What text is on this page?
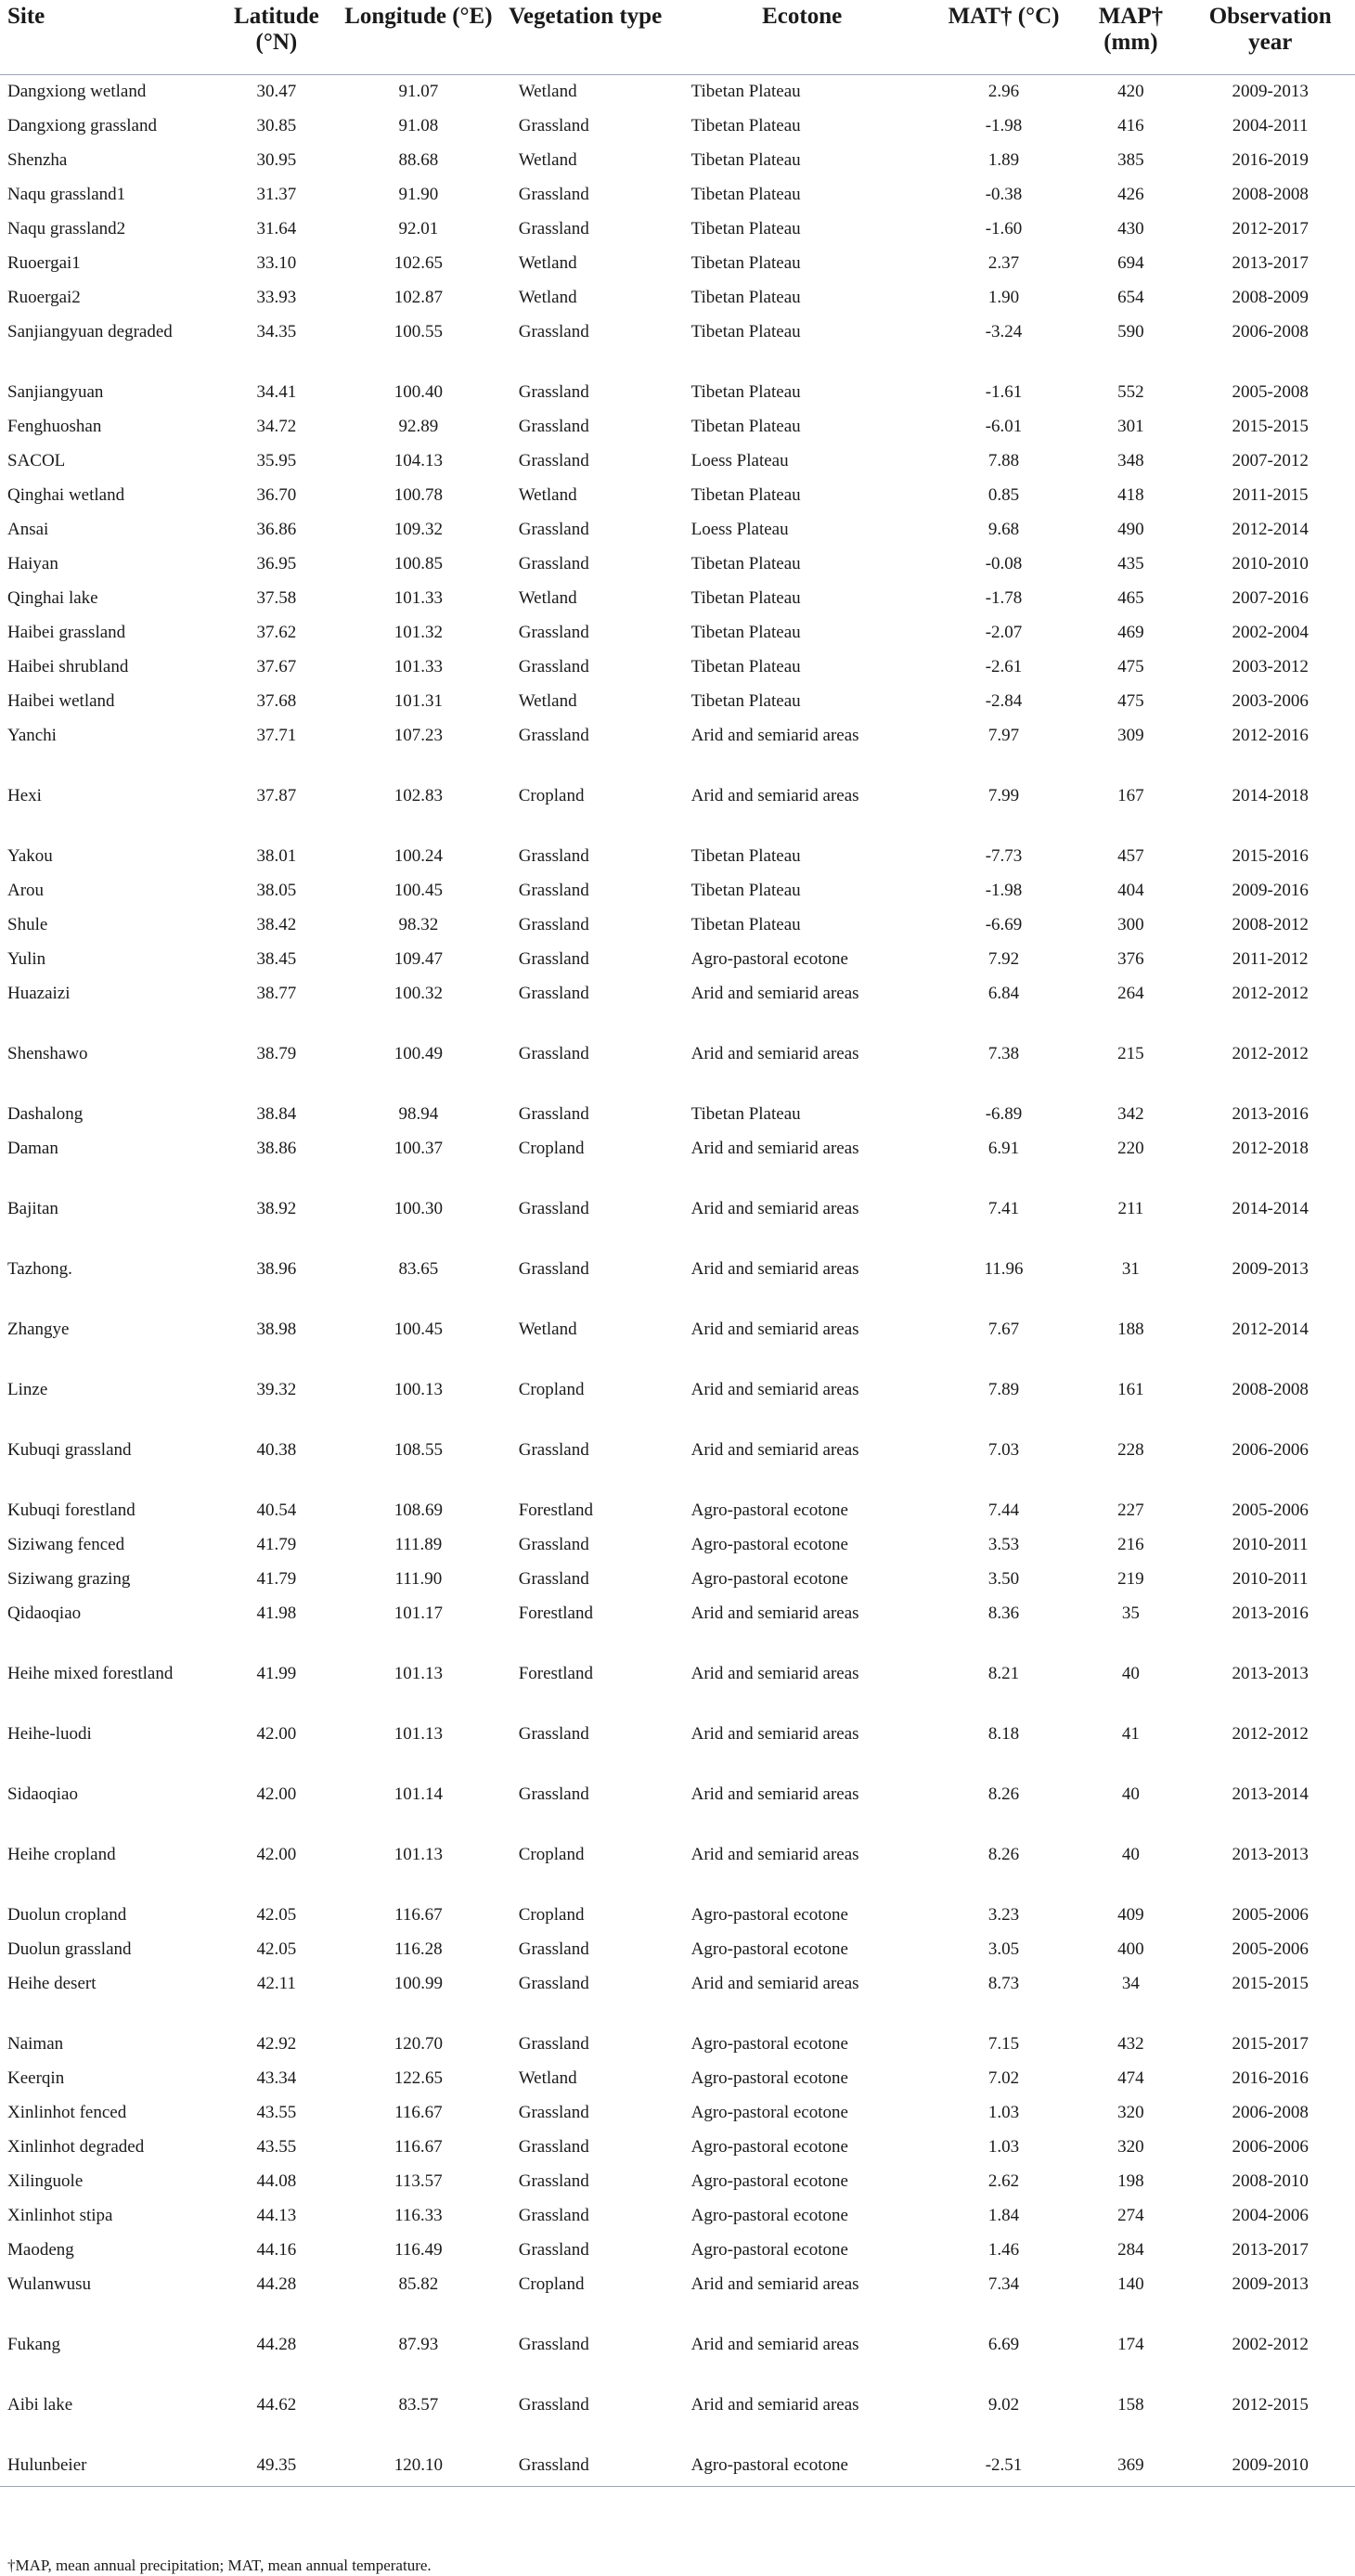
Site	Latitude (°N)	Longitude (°E)	Vegetation type	Ecotone	MAT† (°C)	MAP† (mm)	Observation year
Dangxiong wetland	30.47	91.07	Wetland	Tibetan Plateau	2.96	420	2009-2013
Dangxiong grassland	30.85	91.08	Grassland	Tibetan Plateau	-1.98	416	2004-2011
Shenzha	30.95	88.68	Wetland	Tibetan Plateau	1.89	385	2016-2019
Naqu grassland1	31.37	91.90	Grassland	Tibetan Plateau	-0.38	426	2008-2008
Naqu grassland2	31.64	92.01	Grassland	Tibetan Plateau	-1.60	430	2012-2017
Ruoergai1	33.10	102.65	Wetland	Tibetan Plateau	2.37	694	2013-2017
Ruoergai2	33.93	102.87	Wetland	Tibetan Plateau	1.90	654	2008-2009
Sanjiangyuan degraded	34.35	100.55	Grassland	Tibetan Plateau	-3.24	590	2006-2008
Sanjiangyuan	34.41	100.40	Grassland	Tibetan Plateau	-1.61	552	2005-2008
Fenghuoshan	34.72	92.89	Grassland	Tibetan Plateau	-6.01	301	2015-2015
SACOL	35.95	104.13	Grassland	Loess Plateau	7.88	348	2007-2012
Qinghai wetland	36.70	100.78	Wetland	Tibetan Plateau	0.85	418	2011-2015
Ansai	36.86	109.32	Grassland	Loess Plateau	9.68	490	2012-2014
Haiyan	36.95	100.85	Grassland	Tibetan Plateau	-0.08	435	2010-2010
Qinghai lake	37.58	101.33	Wetland	Tibetan Plateau	-1.78	465	2007-2016
Haibei grassland	37.62	101.32	Grassland	Tibetan Plateau	-2.07	469	2002-2004
Haibei shrubland	37.67	101.33	Grassland	Tibetan Plateau	-2.61	475	2003-2012
Haibei wetland	37.68	101.31	Wetland	Tibetan Plateau	-2.84	475	2003-2006
Yanchi	37.71	107.23	Grassland	Arid and semiarid areas	7.97	309	2012-2016
Hexi	37.87	102.83	Cropland	Arid and semiarid areas	7.99	167	2014-2018
Yakou	38.01	100.24	Grassland	Tibetan Plateau	-7.73	457	2015-2016
Arou	38.05	100.45	Grassland	Tibetan Plateau	-1.98	404	2009-2016
Shule	38.42	98.32	Grassland	Tibetan Plateau	-6.69	300	2008-2012
Yulin	38.45	109.47	Grassland	Agro-pastoral ecotone	7.92	376	2011-2012
Huazaizi	38.77	100.32	Grassland	Arid and semiarid areas	6.84	264	2012-2012
Shenshawo	38.79	100.49	Grassland	Arid and semiarid areas	7.38	215	2012-2012
Dashalong	38.84	98.94	Grassland	Tibetan Plateau	-6.89	342	2013-2016
Daman	38.86	100.37	Cropland	Arid and semiarid areas	6.91	220	2012-2018
Bajitan	38.92	100.30	Grassland	Arid and semiarid areas	7.41	211	2014-2014
Tazhong.	38.96	83.65	Grassland	Arid and semiarid areas	11.96	31	2009-2013
Zhangye	38.98	100.45	Wetland	Arid and semiarid areas	7.67	188	2012-2014
Linze	39.32	100.13	Cropland	Arid and semiarid areas	7.89	161	2008-2008
Kubuqi grassland	40.38	108.55	Grassland	Arid and semiarid areas	7.03	228	2006-2006
Kubuqi forestland	40.54	108.69	Forestland	Agro-pastoral ecotone	7.44	227	2005-2006
Siziwang fenced	41.79	111.89	Grassland	Agro-pastoral ecotone	3.53	216	2010-2011
Siziwang grazing	41.79	111.90	Grassland	Agro-pastoral ecotone	3.50	219	2010-2011
Qidaoqiao	41.98	101.17	Forestland	Arid and semiarid areas	8.36	35	2013-2016
Heihe mixed forestland	41.99	101.13	Forestland	Arid and semiarid areas	8.21	40	2013-2013
Heihe-luodi	42.00	101.13	Grassland	Arid and semiarid areas	8.18	41	2012-2012
Sidaoqiao	42.00	101.14	Grassland	Arid and semiarid areas	8.26	40	2013-2014
Heihe cropland	42.00	101.13	Cropland	Arid and semiarid areas	8.26	40	2013-2013
Duolun cropland	42.05	116.67	Cropland	Agro-pastoral ecotone	3.23	409	2005-2006
Duolun grassland	42.05	116.28	Grassland	Agro-pastoral ecotone	3.05	400	2005-2006
Heihe desert	42.11	100.99	Grassland	Arid and semiarid areas	8.73	34	2015-2015
Naiman	42.92	120.70	Grassland	Agro-pastoral ecotone	7.15	432	2015-2017
Keerqin	43.34	122.65	Wetland	Agro-pastoral ecotone	7.02	474	2016-2016
Xinlinhot fenced	43.55	116.67	Grassland	Agro-pastoral ecotone	1.03	320	2006-2008
Xinlinhot degraded	43.55	116.67	Grassland	Agro-pastoral ecotone	1.03	320	2006-2006
Xilinguole	44.08	113.57	Grassland	Agro-pastoral ecotone	2.62	198	2008-2010
Xinlinhot stipa	44.13	116.33	Grassland	Agro-pastoral ecotone	1.84	274	2004-2006
Maodeng	44.16	116.49	Grassland	Agro-pastoral ecotone	1.46	284	2013-2017
Wulanwusu	44.28	85.82	Cropland	Arid and semiarid areas	7.34	140	2009-2013
Fukang	44.28	87.93	Grassland	Arid and semiarid areas	6.69	174	2002-2012
Aibi lake	44.62	83.57	Grassland	Arid and semiarid areas	9.02	158	2012-2015
Hulunbeier	49.35	120.10	Grassland	Agro-pastoral ecotone	-2.51	369	2009-2010
†MAP, mean annual precipitation; MAT, mean annual temperature.
